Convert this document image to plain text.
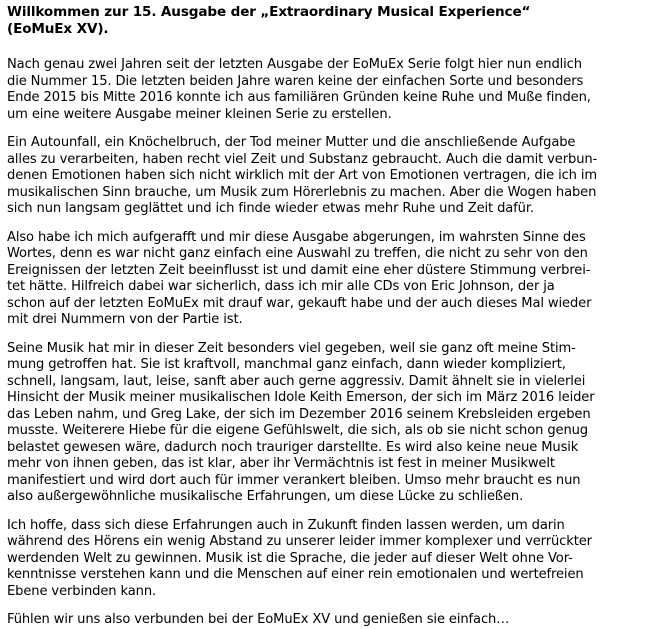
Willkommen zur 15. Ausgabe der „Extraordinary Musical Experience“
(EoMuEx XV).
Nach genau zwei Jahren seit der letzten Ausgabe der EoMuEx Serie folgt hier nun endlich
die Nummer 15. Die letzten beiden Jahre waren keine der einfachen Sorte und besonders
Ende 2015 bis Mitte 2016 konnte ich aus familiären Gründen keine Ruhe und Muße finden,
um eine weitere Ausgabe meiner kleinen Serie zu erstellen.
Ein Autounfall, ein Knöchelbruch, der Tod meiner Mutter und die anschließende Aufgabe
alles zu verarbeiten, haben recht viel Zeit und Substanz gebraucht. Auch die damit verbun-
denen Emotionen haben sich nicht wirklich mit der Art von Emotionen vertragen, die ich im
musikalischen Sinn brauche, um Musik zum Hörerlebnis zu machen. Aber die Wogen haben
sich nun langsam geglättet und ich finde wieder etwas mehr Ruhe und Zeit dafür.
Also habe ich mich aufgerafft und mir diese Ausgabe abgerungen, im wahrsten Sinne des
Wortes, denn es war nicht ganz einfach eine Auswahl zu treffen, die nicht zu sehr von den
Ereignissen der letzten Zeit beeinflusst ist und damit eine eher düstere Stimmung verbrei-
tet hätte. Hilfreich dabei war sicherlich, dass ich mir alle CDs von Eric Johnson, der ja
schon auf der letzten EoMuEx mit drauf war, gekauft habe und der auch dieses Mal wieder
mit drei Nummern von der Partie ist.
Seine Musik hat mir in dieser Zeit besonders viel gegeben, weil sie ganz oft meine Stim-
mung getroffen hat. Sie ist kraftvoll, manchmal ganz einfach, dann wieder kompliziert,
schnell, langsam, laut, leise, sanft aber auch gerne aggressiv. Damit ähnelt sie in vielerlei
Hinsicht der Musik meiner musikalischen Idole Keith Emerson, der sich im März 2016 leider
das Leben nahm, und Greg Lake, der sich im Dezember 2016 seinem Krebsleiden ergeben
musste. Weiterere Hiebe für die eigene Gefühlswelt, die sich, als ob sie nicht schon genug
belastet gewesen wäre, dadurch noch trauriger darstellte. Es wird also keine neue Musik
mehr von ihnen geben, das ist klar, aber ihr Vermächtnis ist fest in meiner Musikwelt
manifestiert und wird dort auch für immer verankert bleiben. Umso mehr braucht es nun
also außergewöhnliche musikalische Erfahrungen, um diese Lücke zu schließen.
Ich hoffe, dass sich diese Erfahrungen auch in Zukunft finden lassen werden, um darin
während des Hörens ein wenig Abstand zu unserer leider immer komplexer und verrückter
werdenden Welt zu gewinnen. Musik ist die Sprache, die jeder auf dieser Welt ohne Vor-
kenntnisse verstehen kann und die Menschen auf einer rein emotionalen und wertefreien
Ebene verbinden kann.
Fühlen wir uns also verbunden bei der EoMuEx XV und genießen sie einfach…
